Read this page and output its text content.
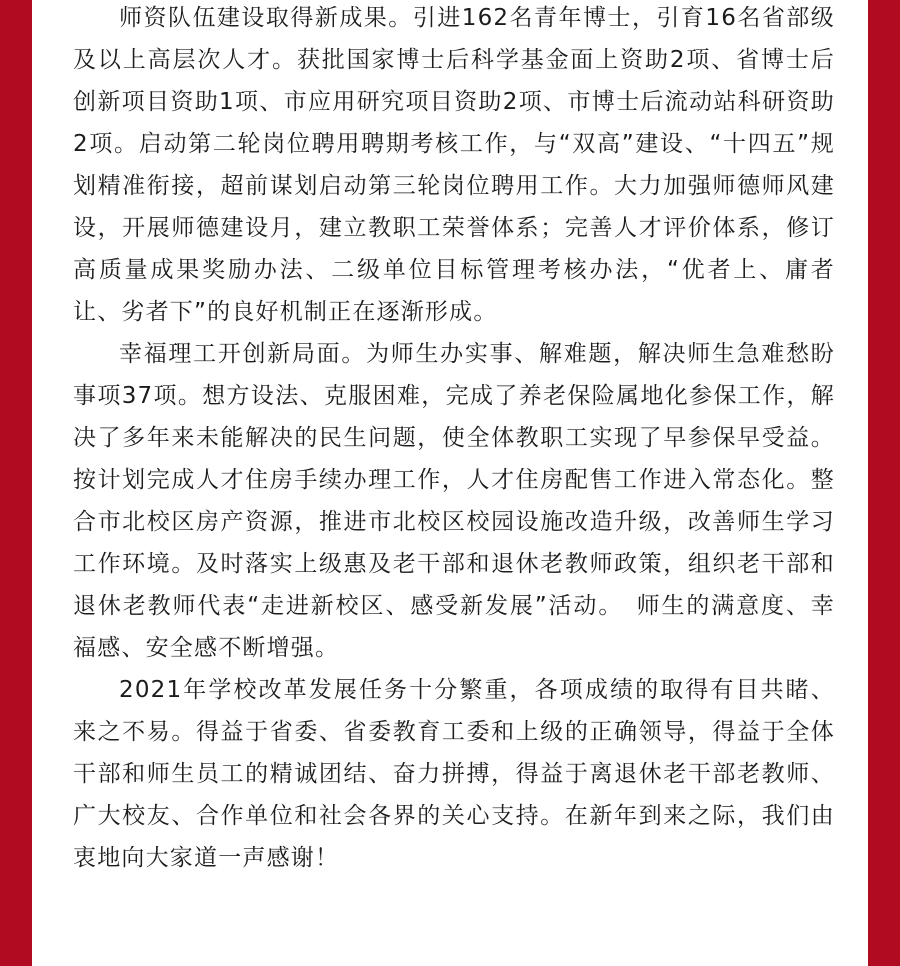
师资队伍建设取得新成果。引进162名青年博士，引育16名省部级及以上高层次人才。获批国家博士后科学基金面上资助2项、省博士后创新项目资助1项、市应用研究项目资助2项、市博士后流动站科研资助2项。启动第二轮岗位聘用聘期考核工作，与“双高”建设、“十四五”规划精准衔接，超前谋划启动第三轮岗位聘用工作。大力加强师德师风建设，开展师德建设月，建立教职工荣誉体系；完善人才评价体系，修订高质量成果奖励办法、二级单位目标管理考核办法，“优者上、庸者让、劣者下”的良好机制正在逐渐形成。

幸福理工开创新局面。为师生办实事、解难题，解决师生急难愁盼事项37项。想方设法、克服困难，完成了养老保险属地化参保工作，解决了多年来未能解决的民生问题，使全体教职工实现了早参保早受益。按计划完成人才住房手续办理工作，人才住房配售工作进入常态化。整合市北校区房产资源，推进市北校区校园设施改造升级，改善师生学习工作环境。及时落实上级惠及老干部和退休老教师政策，组织老干部和退休老教师代表“走进新校区、感受新发展”活动。　师生的满意度、幸福感、安全感不断增强。

2021年学校改革发展任务十分繁重，各项成绩的取得有目共睹、来之不易。得益于省委、省委教育工委和上级的正确领导，得益于全体干部和师生员工的精诚团结、奋力拼搏，得益于离退休老干部老教师、广大校友、合作单位和社会各界的关心支持。在新年到来之际，我们由衷地向大家道一声感谢！
